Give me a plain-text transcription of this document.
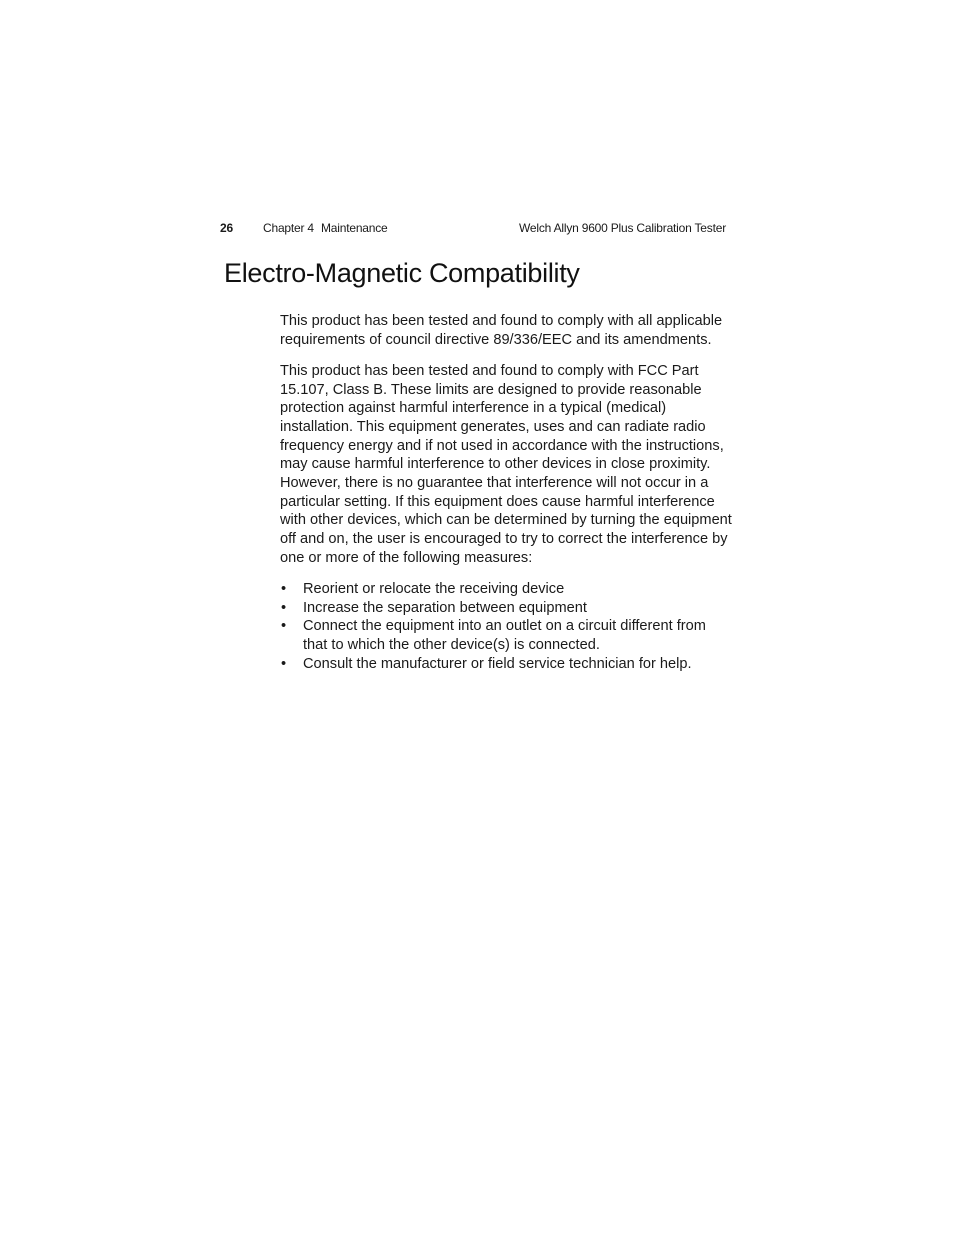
26	Chapter 4 Maintenance	Welch Allyn 9600 Plus Calibration Tester
Electro-Magnetic Compatibility

This product has been tested and found to comply with all applicable requirements of council directive 89/336/EEC and its amendments.

This product has been tested and found to comply with FCC Part 15.107, Class B. These limits are designed to provide reasonable protection against harmful interference in a typical (medical) installation. This equipment generates, uses and can radiate radio frequency energy and if not used in accordance with the instructions, may cause harmful interference to other devices in close proximity. However, there is no guarantee that interference will not occur in a particular setting. If this equipment does cause harmful interference with other devices, which can be determined by turning the equipment off and on, the user is encouraged to try to correct the interference by one or more of the following measures:

• Reorient or relocate the receiving device
• Increase the separation between equipment
• Connect the equipment into an outlet on a circuit different from that to which the other device(s) is connected.
• Consult the manufacturer or field service technician for help.
